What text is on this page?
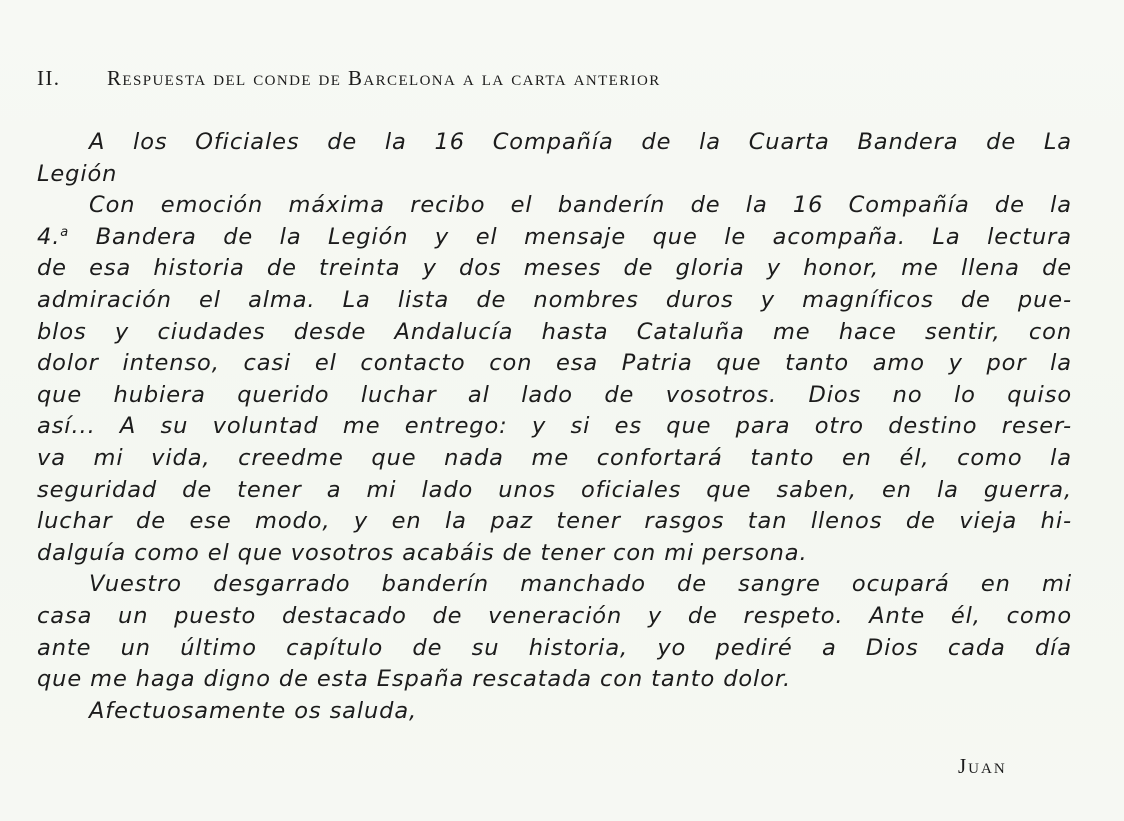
II. Respuesta del conde de Barcelona a la carta anterior
A los Oficiales de la 16 Compañía de la Cuarta Bandera de La
Legión
Con emoción máxima recibo el banderín de la 16 Compañía de la
4.$^a$ Bandera de la Legión y el mensaje que le acompaña. La lectura
de esa historia de treinta y dos meses de gloria y honor, me llena de
admiración el alma. La lista de nombres duros y magníficos de pue-
blos y ciudades desde Andalucía hasta Cataluña me hace sentir, con
dolor intenso, casi el contacto con esa Patria que tanto amo y por la
que hubiera querido luchar al lado de vosotros. Dios no lo quiso
así... A su voluntad me entrego: y si es que para otro destino reser-
va mi vida, creedme que nada me confortará tanto en él, como la
seguridad de tener a mi lado unos oficiales que saben, en la guerra,
luchar de ese modo, y en la paz tener rasgos tan llenos de vieja hi-
dalguía como el que vosotros acabáis de tener con mi persona.
Vuestro desgarrado banderín manchado de sangre ocupará en mi
casa un puesto destacado de veneración y de respeto. Ante él, como
ante un último capítulo de su historia, yo pediré a Dios cada día
que me haga digno de esta España rescatada con tanto dolor.
Afectuosamente os saluda,
Juan
